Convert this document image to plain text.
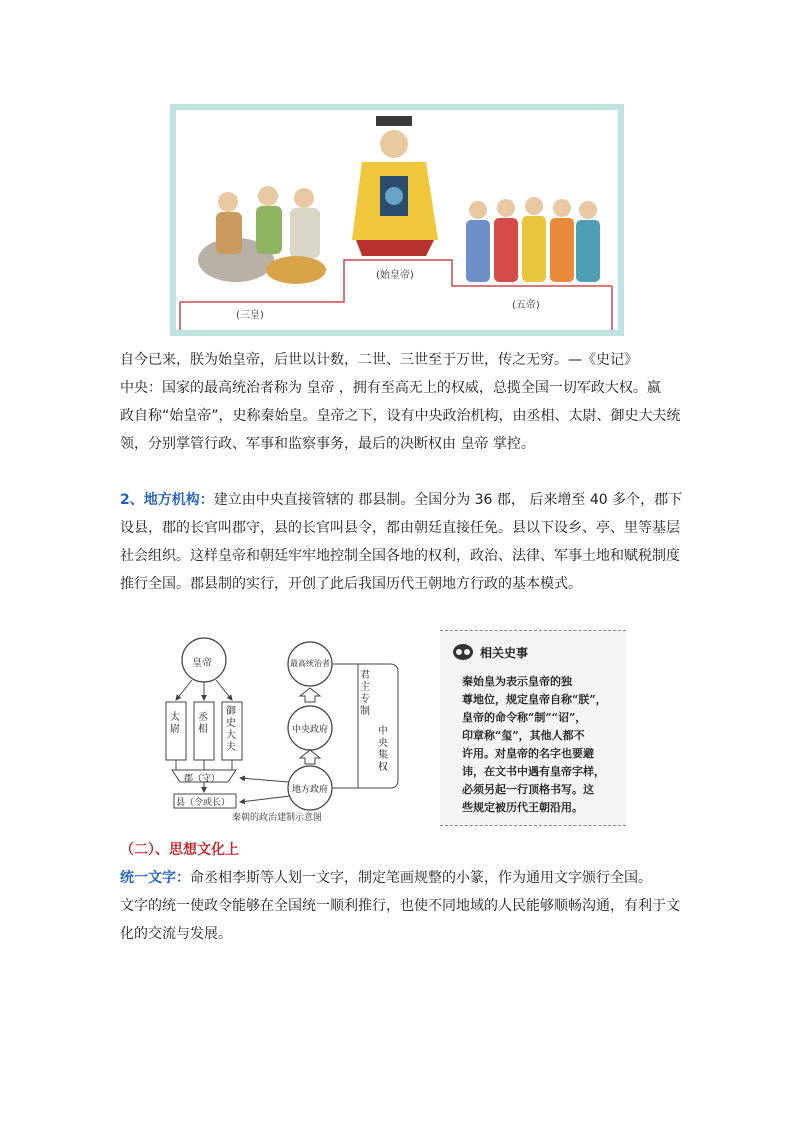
(三皇)
(始皇帝)
(五帝)
自今已来，朕为始皇帝，后世以计数，二世、三世至于万世，传之无穷。—《史记》
中央：国家的最高统治者称为 皇帝 ，拥有至高无上的权威，总揽全国一切军政大权。嬴
政自称“始皇帝”，史称秦始皇。皇帝之下，设有中央政治机构，由丞相、太尉、御史大夫统
领，分别掌管行政、军事和监察事务，最后的决断权由 皇帝 掌控。
2、地方机构：建立由中央直接管辖的 郡县制。全国分为 36 郡， 后来增至 40 多个，郡下
设县，郡的长官叫郡守，县的长官叫县令，都由朝廷直接任免。县以下设乡、亭、里等基层
社会组织。这样皇帝和朝廷牢牢地控制全国各地的权利，政治、法律、军事土地和赋税制度
推行全国。郡县制的实行，开创了此后我国历代王朝地方行政的基本模式。
皇帝
太尉
丞相
御史大夫
郡（守）
县（令或长）
最高统治者
中央政府
地方政府
君主专制
中央集权
秦朝的政治建制示意图
相关史事
秦始皇为表示皇帝的独
尊地位，规定皇帝自称“朕”，
皇帝的命令称“制”“诏”，
印章称“玺”，其他人都不
许用。对皇帝的名字也要避
讳，在文书中遇有皇帝字样，
必须另起一行顶格书写。这
些规定被历代王朝沿用。
（二）、思想文化上
统一文字：命丞相李斯等人划一文字，制定笔画规整的小篆，作为通用文字颁行全国。
文字的统一使政令能够在全国统一顺利推行，也使不同地域的人民能够顺畅沟通，有利于文
化的交流与发展。
